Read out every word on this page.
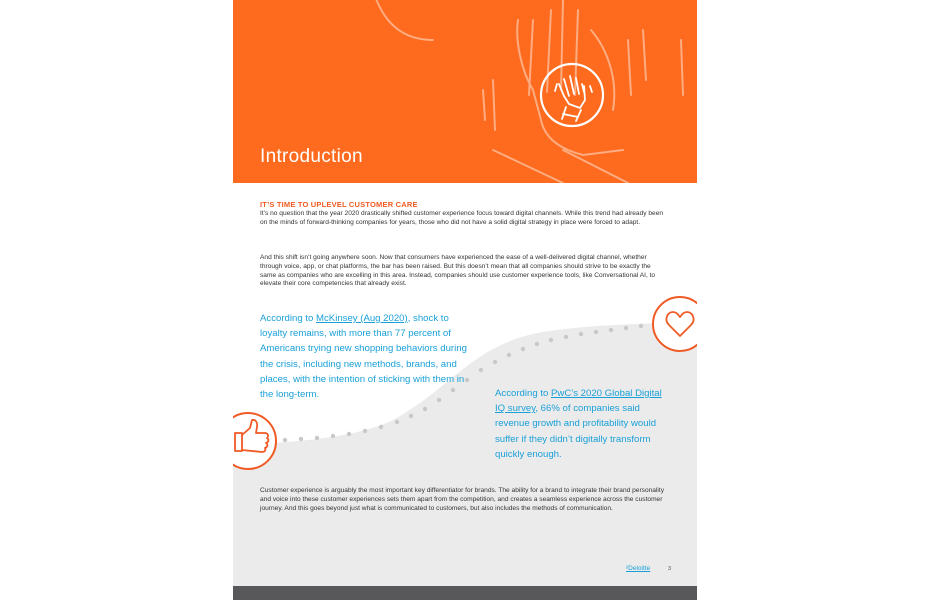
Introduction
IT’S TIME TO UPLEVEL CUSTOMER CARE

It’s no question that the year 2020 drastically shifted customer experience focus toward digital channels. While this trend had already been on the minds of forward-thinking companies for years, those who did not have a solid digital strategy in place were forced to adapt.

And this shift isn’t going anywhere soon. Now that consumers have experienced the ease of a well-delivered digital channel, whether through voice, app, or chat platforms, the bar has been raised. But this doesn’t mean that all companies should strive to be exactly the same as companies who are excelling in this area. Instead, companies should use customer experience tools, like Conversational AI, to elevate their core competencies that already exist.

According to McKinsey (Aug 2020), shock to loyalty remains, with more than 77 percent of Americans trying new shopping behaviors during the crisis, including new methods, brands, and places, with the intention of sticking with them in the long-term.	According to PwC’s 2020 Global Digital IQ survey, 66% of companies said revenue growth and profitability would suffer if they didn’t digitally transform quickly enough.

Customer experience is arguably the most important key differentiator for brands. The ability for a brand to integrate their brand personality and voice into these customer experiences sets them apart from the competition, and creates a seamless experience across the customer journey. And this goes beyond just what is communicated to customers, but also includes the methods of communication.

²Deloitte	3
